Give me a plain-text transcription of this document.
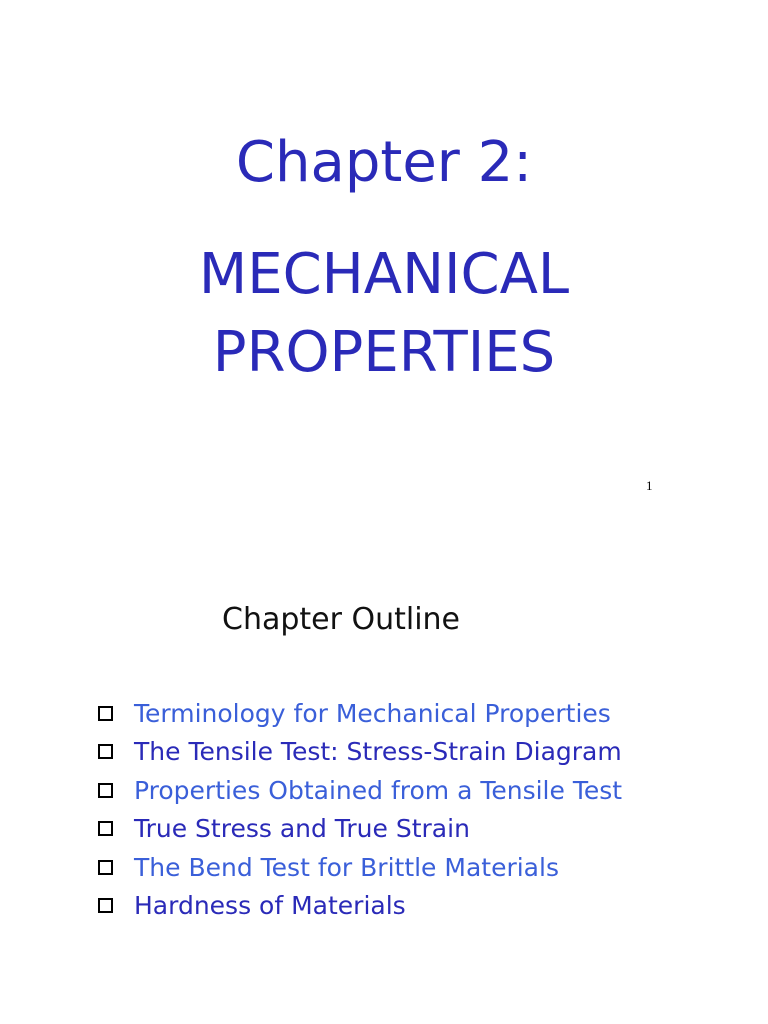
Chapter 2:
MECHANICAL
PROPERTIES
1
Chapter Outline
Terminology for Mechanical Properties
The Tensile Test: Stress-Strain Diagram
Properties Obtained from a Tensile Test
True Stress and True Strain
The Bend Test for Brittle Materials
Hardness of Materials
